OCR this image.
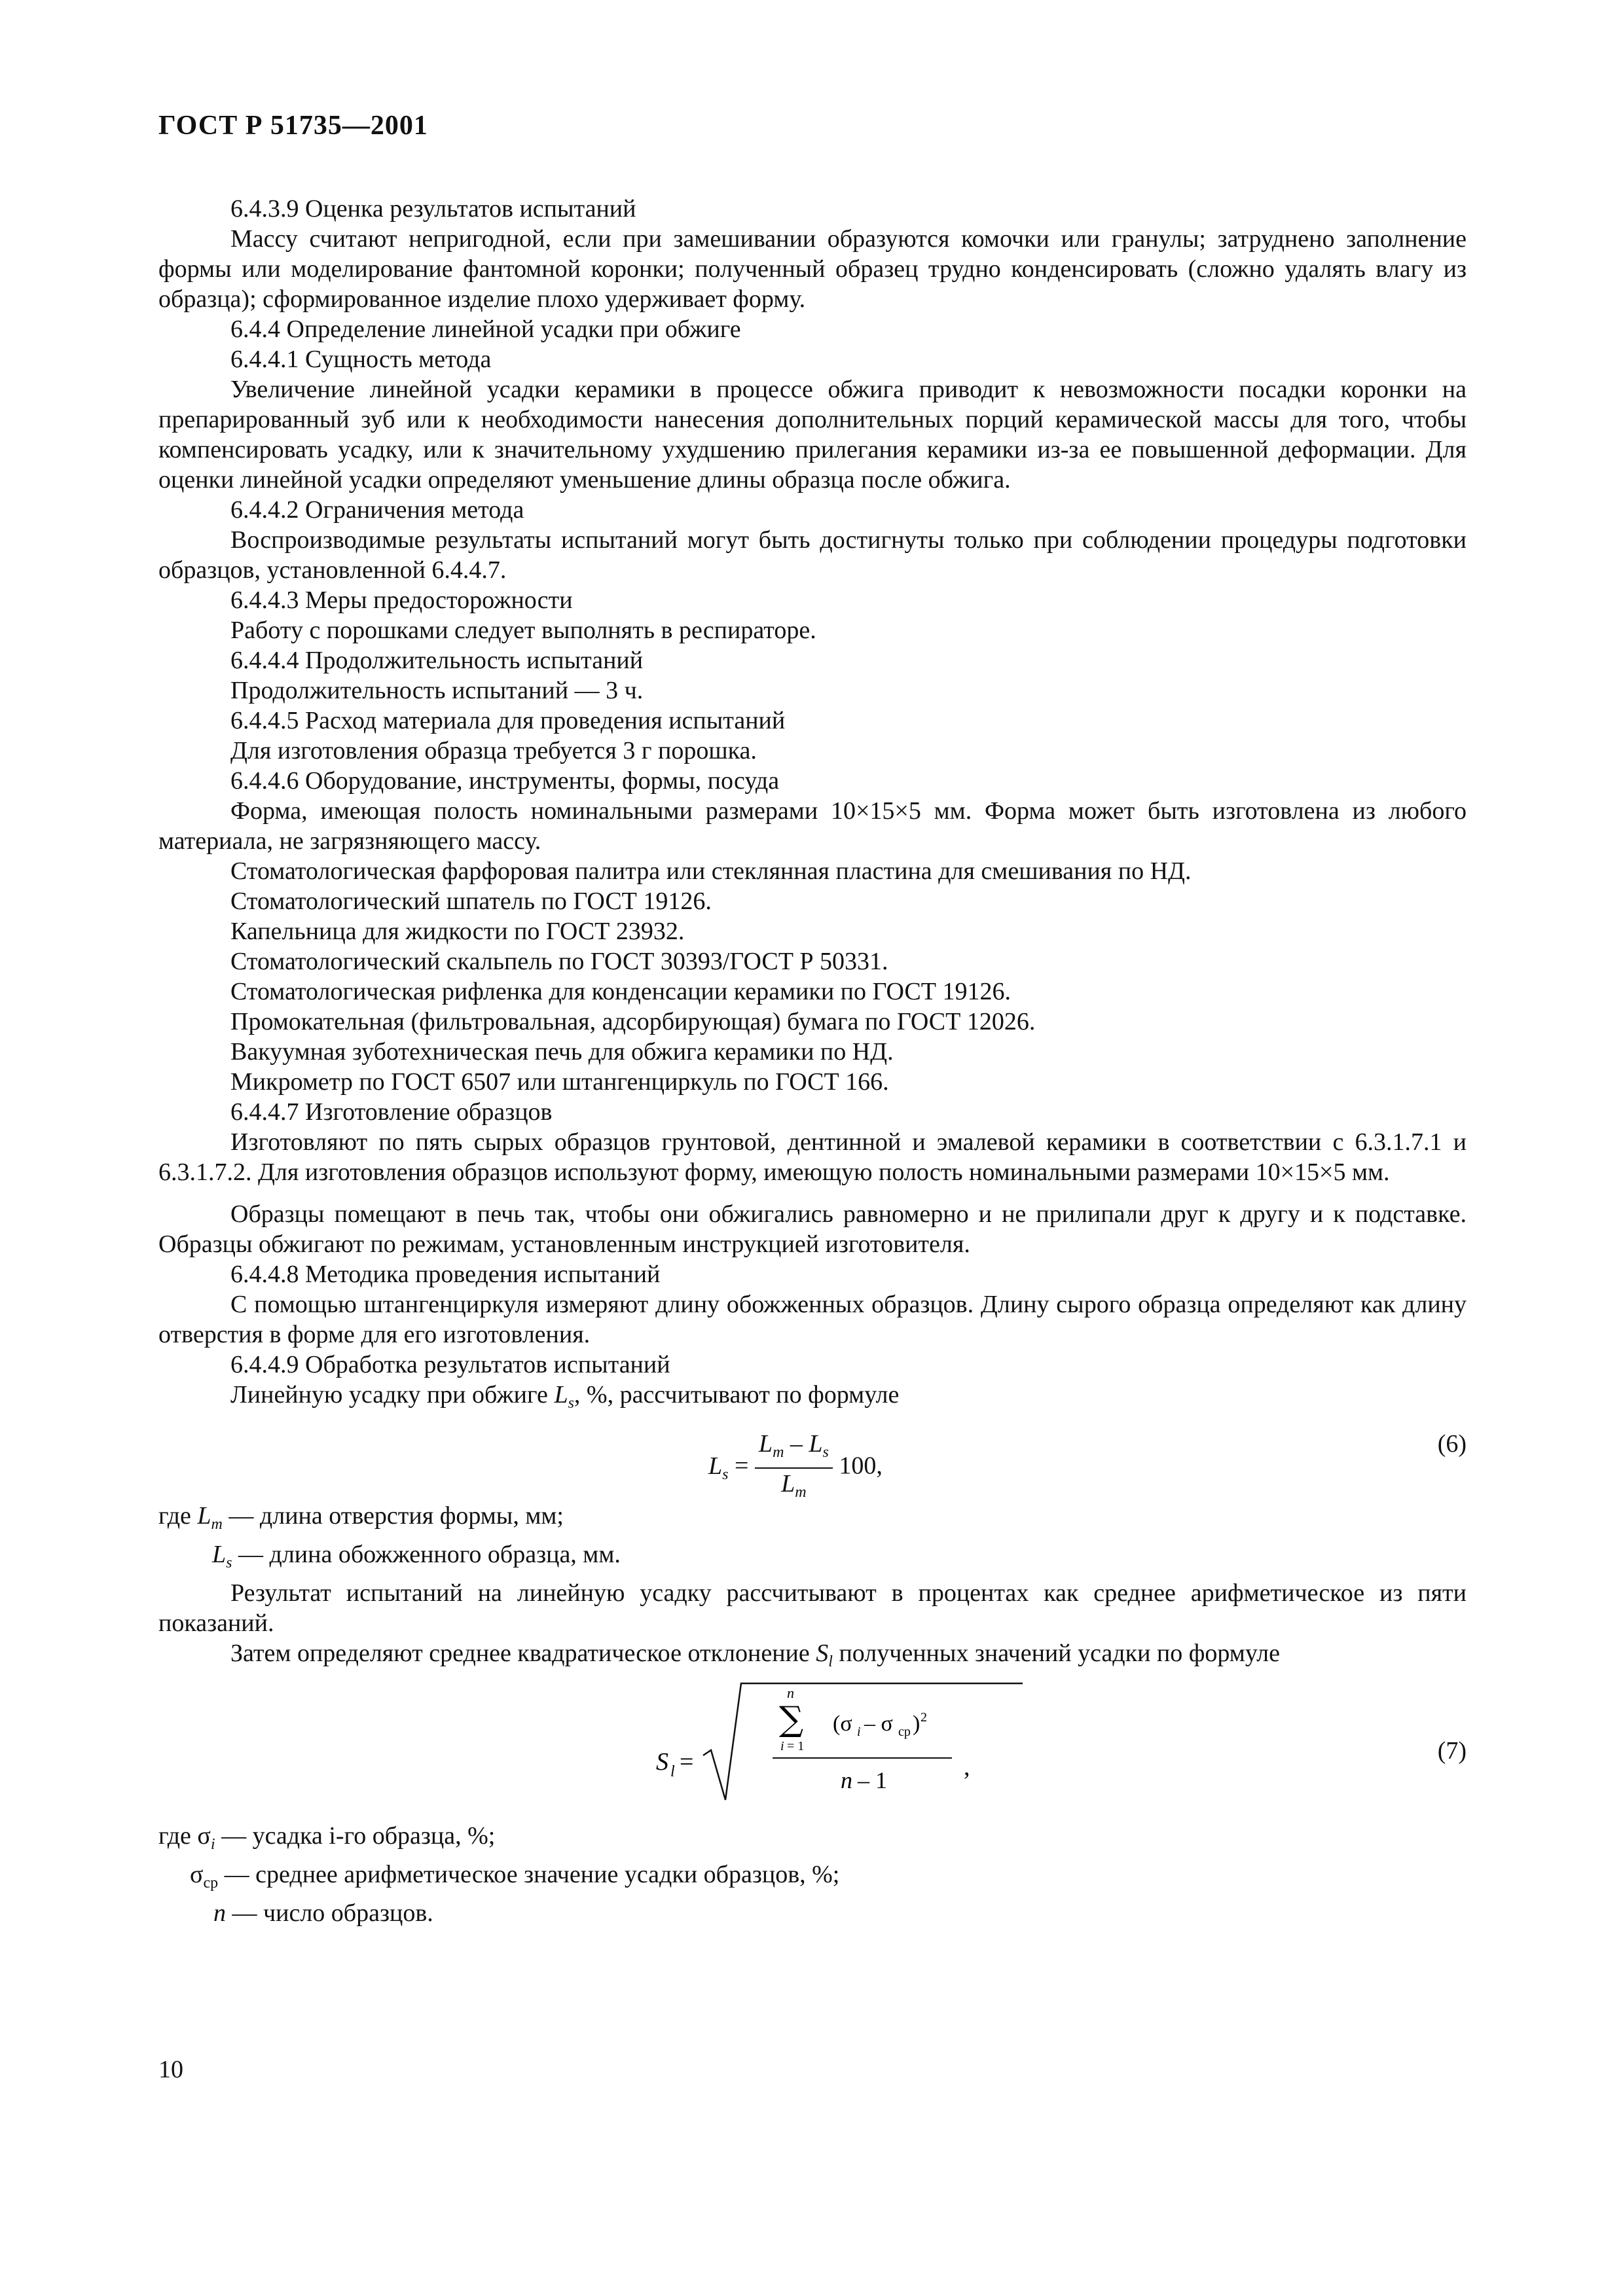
ГОСТ Р 51735—2001

6.4.3.9 Оценка результатов испытаний

Массу считают непригодной, если при замешивании образуются комочки или гранулы; затруднено заполнение формы или моделирование фантомной коронки; полученный образец трудно конденсировать (сложно удалять влагу из образца); сформированное изделие плохо удерживает форму.

6.4.4 Определение линейной усадки при обжиге

6.4.4.1 Сущность метода

Увеличение линейной усадки керамики в процессе обжига приводит к невозможности посадки коронки на препарированный зуб или к необходимости нанесения дополнительных порций керамической массы для того, чтобы компенсировать усадку, или к значительному ухудшению прилегания керамики из-за ее повышенной деформации. Для оценки линейной усадки определяют уменьшение длины образца после обжига.

6.4.4.2 Ограничения метода

Воспроизводимые результаты испытаний могут быть достигнуты только при соблюдении процедуры подготовки образцов, установленной 6.4.4.7.

6.4.4.3 Меры предосторожности

Работу с порошками следует выполнять в респираторе.

6.4.4.4 Продолжительность испытаний

Продолжительность испытаний — 3 ч.

6.4.4.5 Расход материала для проведения испытаний

Для изготовления образца требуется 3 г порошка.

6.4.4.6 Оборудование, инструменты, формы, посуда

Форма, имеющая полость номинальными размерами 10×15×5 мм. Форма может быть изготовлена из любого материала, не загрязняющего массу.

Стоматологическая фарфоровая палитра или стеклянная пластина для смешивания по НД.

Стоматологический шпатель по ГОСТ 19126.

Капельница для жидкости по ГОСТ 23932.

Стоматологический скальпель по ГОСТ 30393/ГОСТ Р 50331.

Стоматологическая рифленка для конденсации керамики по ГОСТ 19126.

Промокательная (фильтровальная, адсорбирующая) бумага по ГОСТ 12026.

Вакуумная зуботехническая печь для обжига керамики по НД.

Микрометр по ГОСТ 6507 или штангенциркуль по ГОСТ 166.

6.4.4.7 Изготовление образцов

Изготовляют по пять сырых образцов грунтовой, дентинной и эмалевой керамики в соответствии с 6.3.1.7.1 и 6.3.1.7.2. Для изготовления образцов используют форму, имеющую полость номинальными размерами 10×15×5 мм.

Образцы помещают в печь так, чтобы они обжигались равномерно и не прилипали друг к другу и к подставке. Образцы обжигают по режимам, установленным инструкцией изготовителя.

6.4.4.8 Методика проведения испытаний

С помощью штангенциркуля измеряют длину обожженных образцов. Длину сырого образца определяют как длину отверстия в форме для его изготовления.

6.4.4.9 Обработка результатов испытаний

Линейную усадку при обжиге $L_s$, %, рассчитывают по формуле

$L_s = \frac{L_m - L_s}{L_m} 100$,
(6)

где $L_m$ — длина отверстия формы, мм;

$L_s$ — длина обожженного образца, мм.

Результат испытаний на линейную усадку рассчитывают в процентах как среднее арифметическое из пяти показаний.

Затем определяют среднее квадратическое отклонение $S_l$ полученных значений усадки по формуле

S l =
n
∑
i = 1
(σ i – σ ср ) 2
n – 1	,
(7)

где $\sigma_i$ — усадка i-го образца, %;

$\sigma_{ср}$ — среднее арифметическое значение усадки образцов, %;

n — число образцов.

10
